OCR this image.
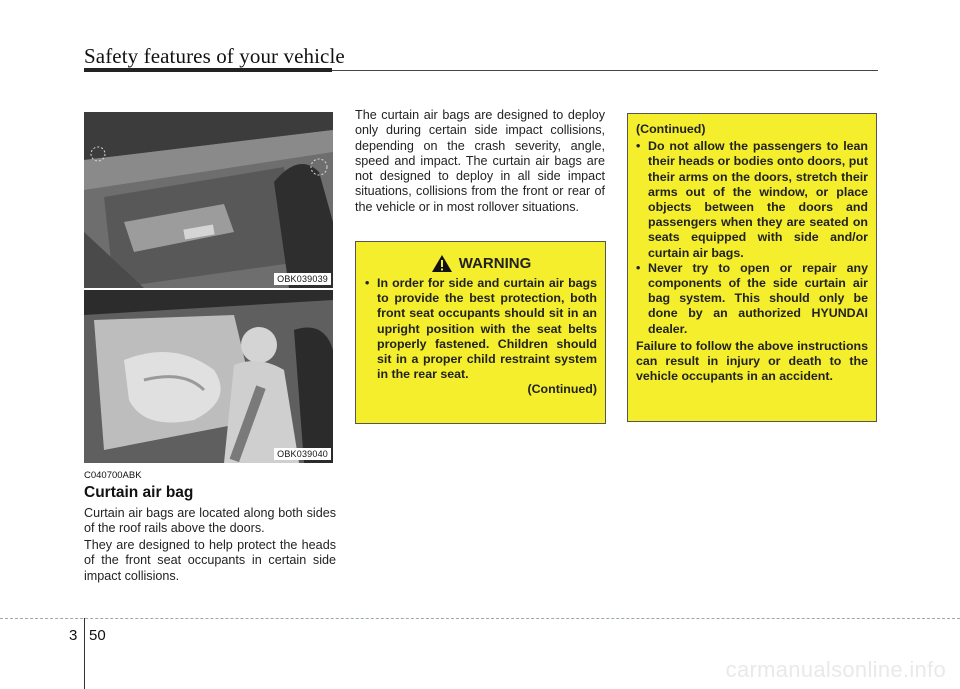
Safety features of your vehicle
OBK039039
OBK039040
C040700ABK
Curtain air bag
Curtain air bags are located along both sides of the roof rails above the doors.
They are designed to help protect the heads of the front seat occupants in certain side impact collisions.
The curtain air bags are designed to deploy only during certain side impact collisions, depending on the crash severity, angle, speed and impact. The curtain air bags are not designed to deploy in all side impact situations, collisions from the front or rear of the vehicle or in most rollover situations.
WARNING
• In order for side and curtain air bags to provide the best protection, both front seat occupants should sit in an upright position with the seat belts properly fastened. Children should sit in a proper child restraint system in the rear seat.
(Continued)
(Continued)
• Do not allow the passengers to lean their heads or bodies onto doors, put their arms on the doors, stretch their arms out of the window, or place objects between the doors and passengers when they are seated on seats equipped with side and/or curtain air bags.
• Never try to open or repair any components of the side curtain air bag system. This should only be done by an authorized HYUNDAI dealer.
Failure to follow the above instructions can result in injury or death to the vehicle occupants in an accident.
3 50
carmanualsonline.info
